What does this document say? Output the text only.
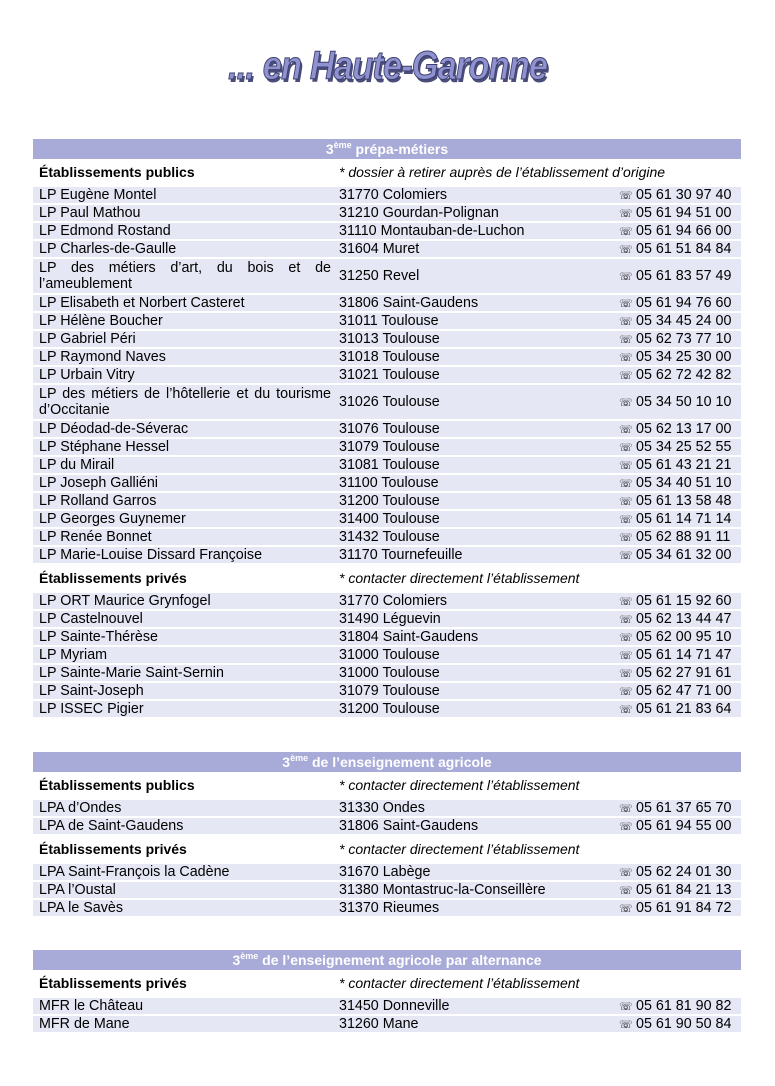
... en Haute-Garonne
3ème prépa-métiers
Établissements publics	* dossier à retirer auprès de l’établissement d’origine
LP Eugène Montel	31770 Colomiers	☏ 05 61 30 97 40
LP Paul Mathou	31210 Gourdan-Polignan	☏ 05 61 94 51 00
LP Edmond Rostand	31110 Montauban-de-Luchon	☏ 05 61 94 66 00
LP Charles-de-Gaulle	31604 Muret	☏ 05 61 51 84 84
LP des métiers d’art, du bois et de l’ameublement	31250 Revel	☏ 05 61 83 57 49
LP Elisabeth et Norbert Casteret	31806 Saint-Gaudens	☏ 05 61 94 76 60
LP Hélène Boucher	31011 Toulouse	☏ 05 34 45 24 00
LP Gabriel Péri	31013 Toulouse	☏ 05 62 73 77 10
LP Raymond Naves	31018 Toulouse	☏ 05 34 25 30 00
LP Urbain Vitry	31021 Toulouse	☏ 05 62 72 42 82
LP des métiers de l’hôtellerie et du tourisme d’Occitanie	31026 Toulouse	☏ 05 34 50 10 10
LP Déodad-de-Séverac	31076 Toulouse	☏ 05 62 13 17 00
LP Stéphane Hessel	31079 Toulouse	☏ 05 34 25 52 55
LP du Mirail	31081 Toulouse	☏ 05 61 43 21 21
LP Joseph Galliéni	31100 Toulouse	☏ 05 34 40 51 10
LP Rolland Garros	31200 Toulouse	☏ 05 61 13 58 48
LP Georges Guynemer	31400 Toulouse	☏ 05 61 14 71 14
LP Renée Bonnet	31432 Toulouse	☏ 05 62 88 91 11
LP Marie-Louise Dissard Françoise	31170 Tournefeuille	☏ 05 34 61 32 00
Établissements privés	* contacter directement l’établissement
LP ORT Maurice Grynfogel	31770 Colomiers	☏ 05 61 15 92 60
LP Castelnouvel	31490 Léguevin	☏ 05 62 13 44 47
LP Sainte-Thérèse	31804 Saint-Gaudens	☏ 05 62 00 95 10
LP Myriam	31000 Toulouse	☏ 05 61 14 71 47
LP Sainte-Marie Saint-Sernin	31000 Toulouse	☏ 05 62 27 91 61
LP Saint-Joseph	31079 Toulouse	☏ 05 62 47 71 00
LP ISSEC Pigier	31200 Toulouse	☏ 05 61 21 83 64
3ème de l’enseignement agricole
Établissements publics	* contacter directement l’établissement
LPA d’Ondes	31330 Ondes	☏ 05 61 37 65 70
LPA de Saint-Gaudens	31806 Saint-Gaudens	☏ 05 61 94 55 00
Établissements privés	* contacter directement l’établissement
LPA Saint-François la Cadène	31670 Labège	☏ 05 62 24 01 30
LPA l’Oustal	31380 Montastruc-la-Conseillère	☏ 05 61 84 21 13
LPA le Savès	31370 Rieumes	☏ 05 61 91 84 72
3ème de l’enseignement agricole par alternance
Établissements privés	* contacter directement l’établissement
MFR le Château	31450 Donneville	☏ 05 61 81 90 82
MFR de Mane	31260 Mane	☏ 05 61 90 50 84
